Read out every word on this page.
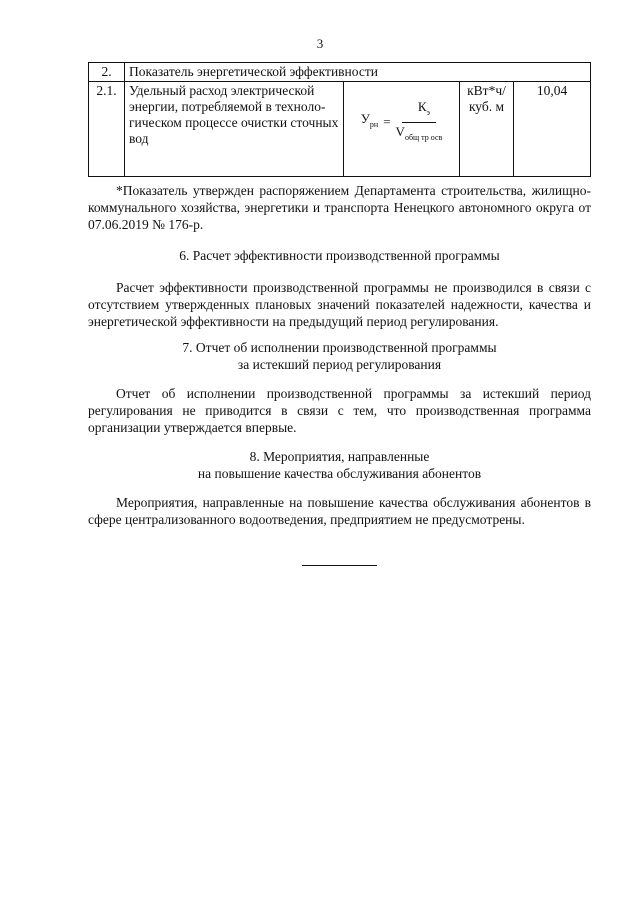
3
2.	Показатель энергетической эффективности			
2.1.	Удельный расход электрической энергии, потребляемой в техноло-гическом процессе очистки сточных вод	$У_{рн} = \frac{К_э}{V_{общ тр осв}}$	кВт*ч/ куб. м	10,04
*Показатель утвержден распоряжением Департамента строительства, жилищно-коммунального хозяйства, энергетики и транспорта Ненецкого автономного округа от 07.06.2019 № 176-р.
6. Расчет эффективности производственной программы
Расчет эффективности производственной программы не производился в связи с отсутствием утвержденных плановых значений показателей надежности, качества и энергетической эффективности на предыдущий период регулирования.
7. Отчет об исполнении производственной программы
за истекший период регулирования
Отчет об исполнении производственной программы за истекший период регулирования не приводится в связи с тем, что производственная программа организации утверждается впервые.
8. Мероприятия, направленные
на повышение качества обслуживания абонентов
Мероприятия, направленные на повышение качества обслуживания абонентов в сфере централизованного водоотведения, предприятием не предусмотрены.
